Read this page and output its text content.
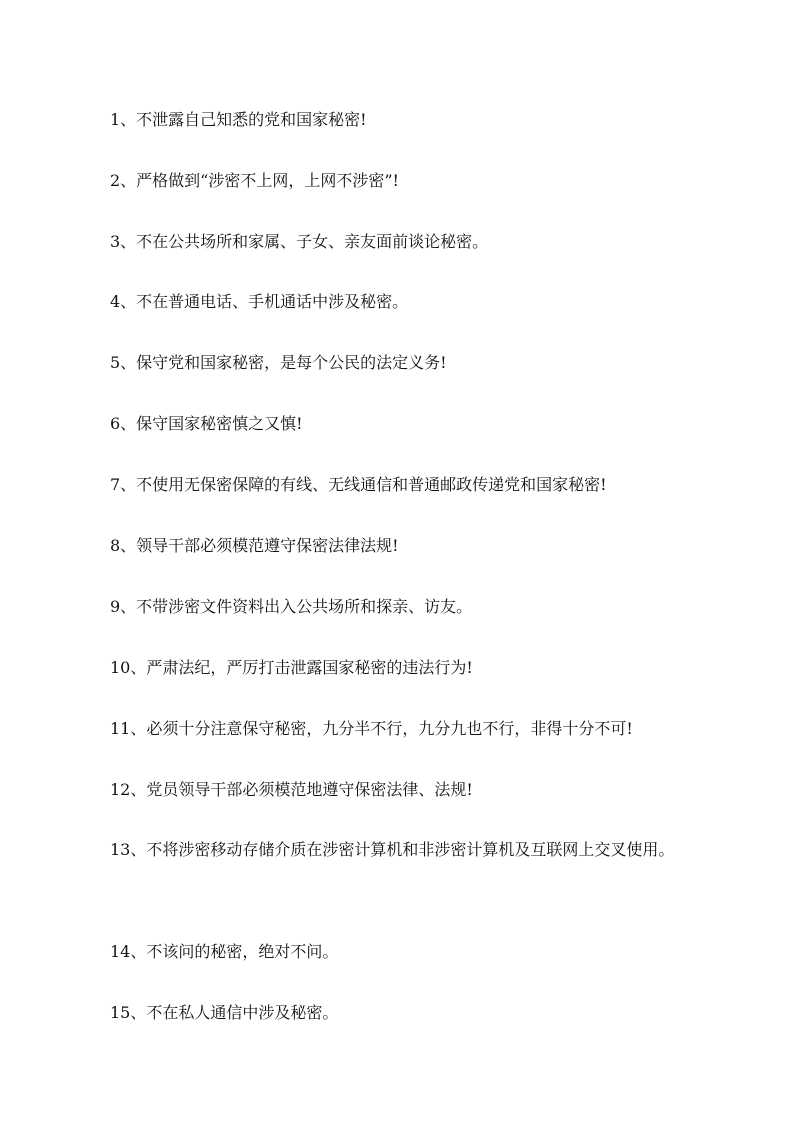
1、不泄露自己知悉的党和国家秘密!
2、严格做到“涉密不上网，上网不涉密”!
3、不在公共场所和家属、子女、亲友面前谈论秘密。
4、不在普通电话、手机通话中涉及秘密。
5、保守党和国家秘密，是每个公民的法定义务!
6、保守国家秘密慎之又慎!
7、不使用无保密保障的有线、无线通信和普通邮政传递党和国家秘密!
8、领导干部必须模范遵守保密法律法规!
9、不带涉密文件资料出入公共场所和探亲、访友。
10、严肃法纪，严厉打击泄露国家秘密的违法行为!
11、必须十分注意保守秘密，九分半不行，九分九也不行，非得十分不可!
12、党员领导干部必须模范地遵守保密法律、法规!
13、不将涉密移动存储介质在涉密计算机和非涉密计算机及互联网上交叉使用。
14、不该问的秘密，绝对不问。
15、不在私人通信中涉及秘密。
